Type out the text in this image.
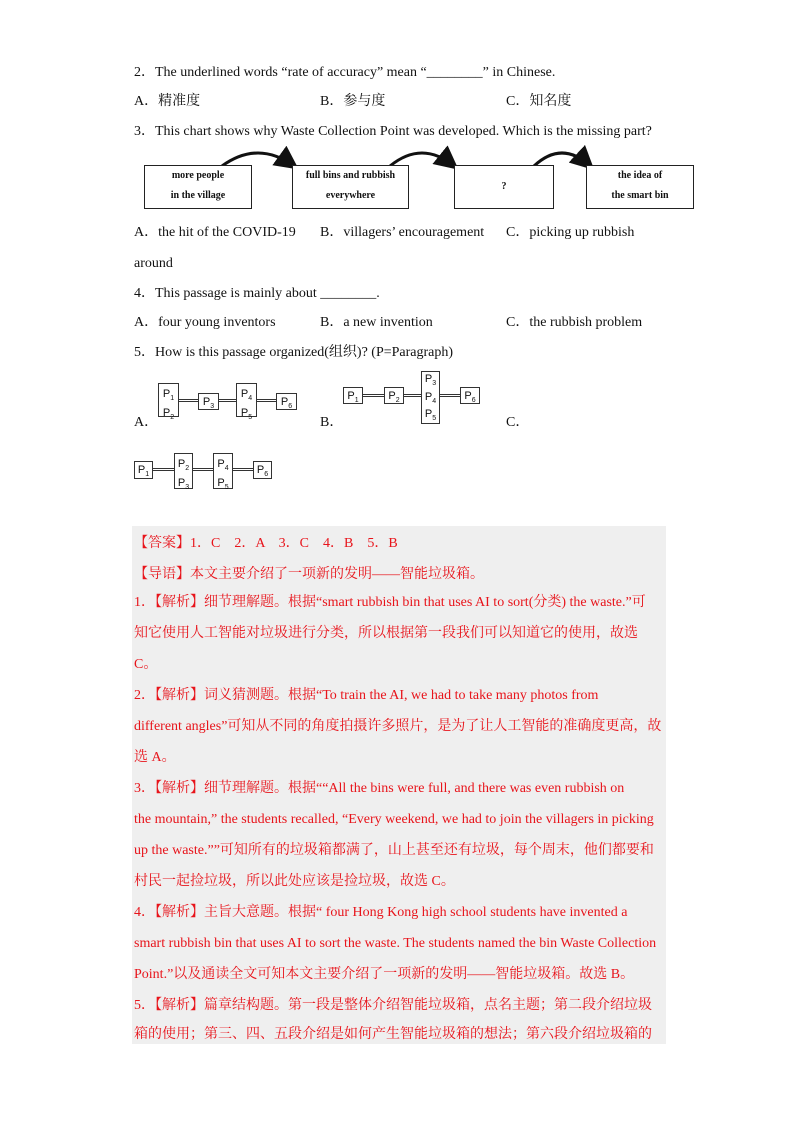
2．The underlined words “rate of accuracy” mean “________” in Chinese.
A．精准度	B．参与度	C．知名度
3．This chart shows why Waste Collection Point was developed. Which is the missing part?
more people
in the village
full bins and rubbish
everywhere
?
the idea of
the smart bin
A．the hit of the COVID-19 B．villagers’ encouragement C．picking up rubbish
around
4．This passage is mainly about ________.
A．four young inventors	B．a new invention	C．the rubbish problem
5．How is this passage organized(组织)? (P=Paragraph)
A．	B．	C．
$P_1$
$P_2$
$P_3$
$P_4$
$P_5$
$P_6$
$P_1$	$P_2$
$P_3$
$P_4$
$P_5$
$P_6$
$P_1$
$P_2$
$P_3$
$P_4$
$P_5$
$P_6$
【答案】1．C　2．A　3．C　4．B　5．B
【导语】本文主要介绍了一项新的发明——智能垃圾箱。
1．【解析】细节理解题。根据“smart rubbish bin that uses AI to sort(分类) the waste.”可
知它使用人工智能对垃圾进行分类，所以根据第一段我们可以知道它的使用，故选
C。
2．【解析】词义猜测题。根据“To train the AI, we had to take many photos from
different angles”可知从不同的角度拍摄许多照片，是为了让人工智能的准确度更高，故
选 A。
3．【解析】细节理解题。根据““All the bins were full, and there was even rubbish on
the mountain,” the students recalled, “Every weekend, we had to join the villagers in picking
up the waste.””可知所有的垃圾箱都满了，山上甚至还有垃圾，每个周末，他们都要和
村民一起捡垃圾，所以此处应该是捡垃圾，故选 C。
4．【解析】主旨大意题。根据“ four Hong Kong high school students have invented a
smart rubbish bin that uses AI to sort the waste. The students named the bin Waste Collection
Point.”以及通读全文可知本文主要介绍了一项新的发明——智能垃圾箱。故选 B。
5．【解析】篇章结构题。第一段是整体介绍智能垃圾箱，点名主题；第二段介绍垃圾
箱的使用；第三、四、五段介绍是如何产生智能垃圾箱的想法；第六段介绍垃圾箱的
